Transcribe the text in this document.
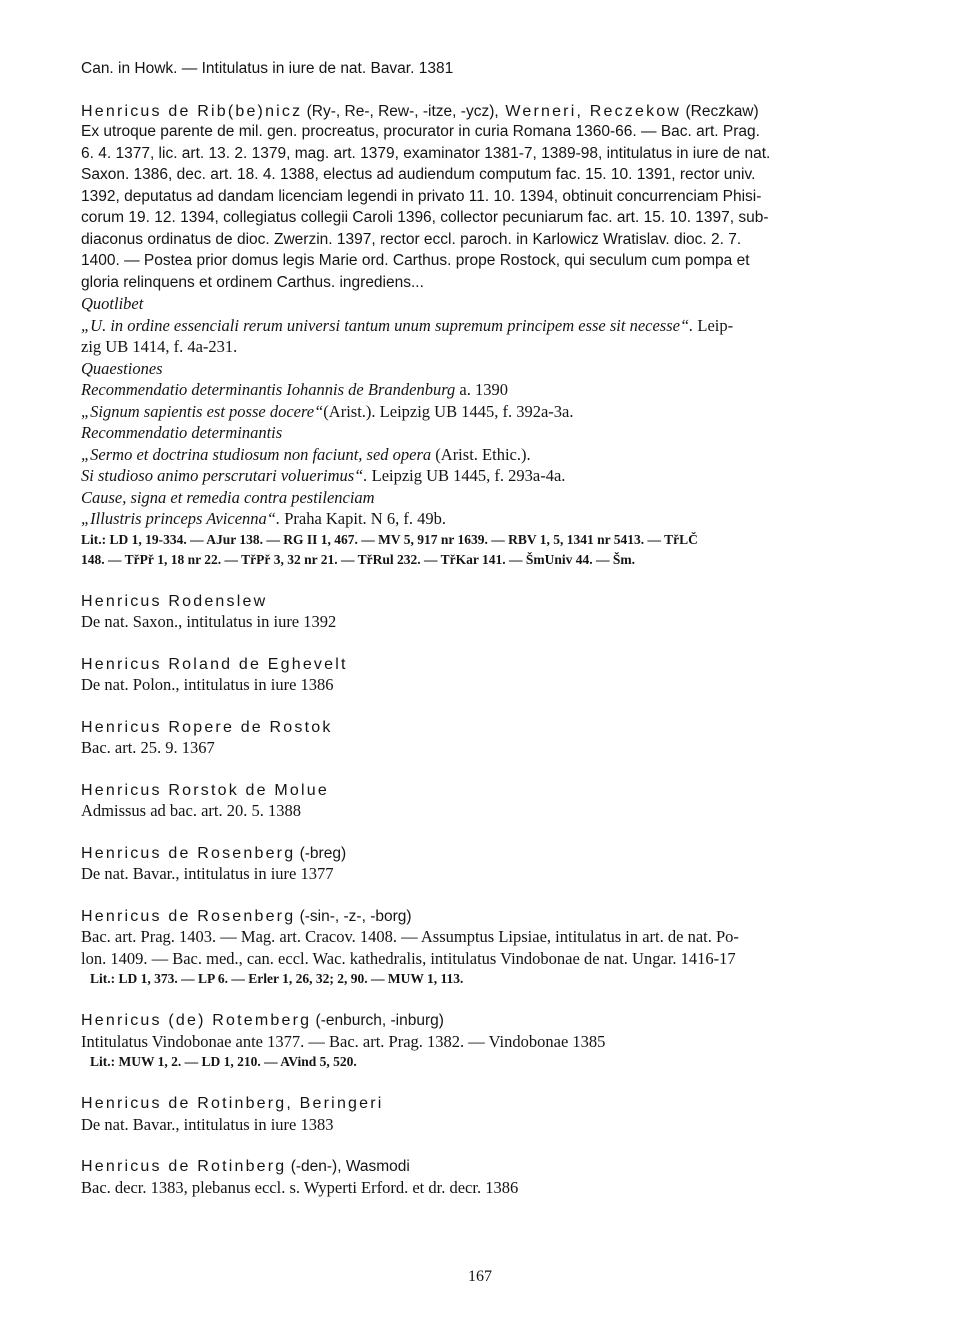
Can. in Howk. — Intitulatus in iure de nat. Bavar. 1381
Henricus de Rib(be)nicz (Ry-, Re-, Rew-, -itze, -ycz), Werneri, Reczekow (Reczkaw)
Ex utroque parente de mil. gen. procreatus, procurator in curia Romana 1360-66. — Bac. art. Prag.
6. 4. 1377, lic. art. 13. 2. 1379, mag. art. 1379, examinator 1381-7, 1389-98, intitulatus in iure de nat.
Saxon. 1386, dec. art. 18. 4. 1388, electus ad audiendum computum fac. 15. 10. 1391, rector univ.
1392, deputatus ad dandam licenciam legendi in privato 11. 10. 1394, obtinuit concurrenciam Phisi-
corum 19. 12. 1394, collegiatus collegii Caroli 1396, collector pecuniarum fac. art. 15. 10. 1397, sub-
diaconus ordinatus de dioc. Zwerzin. 1397, rector eccl. paroch. in Karlowicz Wratislav. dioc. 2. 7.
1400. — Postea prior domus legis Marie ord. Carthus. prope Rostock, qui seculum cum pompa et
gloria relinquens et ordinem Carthus. ingrediens...
Quotlibet
„U. in ordine essenciali rerum universi tantum unum supremum principem esse sit necesse“. Leip-
zig UB 1414, f. 4a-231.
Quaestiones
Recommendatio determinantis Iohannis de Brandenburg a. 1390
„Signum sapientis est posse docere“(Arist.). Leipzig UB 1445, f. 392a-3a.
Recommendatio determinantis
„Sermo et doctrina studiosum non faciunt, sed opera (Arist. Ethic.).
Si studioso animo perscrutari voluerimus“. Leipzig UB 1445, f. 293a-4a.
Cause, signa et remedia contra pestilenciam
„Illustris princeps Avicenna“. Praha Kapit. N 6, f. 49b.
Lit.: LD 1, 19-334. — AJur 138. — RG II 1, 467. — MV 5, 917 nr 1639. — RBV 1, 5, 1341 nr 5413. — TřLČ
148. — TřPř 1, 18 nr 22. — TřPř 3, 32 nr 21. — TřRul 232. — TřKar 141. — ŠmUniv 44. — Šm.
Henricus Rodenslew
De nat. Saxon., intitulatus in iure 1392
Henricus Roland de Eghevelt
De nat. Polon., intitulatus in iure 1386
Henricus Ropere de Rostok
Bac. art. 25. 9. 1367
Henricus Rorstok de Molue
Admissus ad bac. art. 20. 5. 1388
Henricus de Rosenberg (-breg)
De nat. Bavar., intitulatus in iure 1377
Henricus de Rosenberg (-sin-, -z-, -borg)
Bac. art. Prag. 1403. — Mag. art. Cracov. 1408. — Assumptus Lipsiae, intitulatus in art. de nat. Po-
lon. 1409. — Bac. med., can. eccl. Wac. kathedralis, intitulatus Vindobonae de nat. Ungar. 1416-17
Lit.: LD 1, 373. — LP 6. — Erler 1, 26, 32; 2, 90. — MUW 1, 113.
Henricus (de) Rotemberg (-enburch, -inburg)
Intitulatus Vindobonae ante 1377. — Bac. art. Prag. 1382. — Vindobonae 1385
Lit.: MUW 1, 2. — LD 1, 210. — AVind 5, 520.
Henricus de Rotinberg, Beringeri
De nat. Bavar., intitulatus in iure 1383
Henricus de Rotinberg (-den-), Wasmodi
Bac. decr. 1383, plebanus eccl. s. Wyperti Erford. et dr. decr. 1386
167
